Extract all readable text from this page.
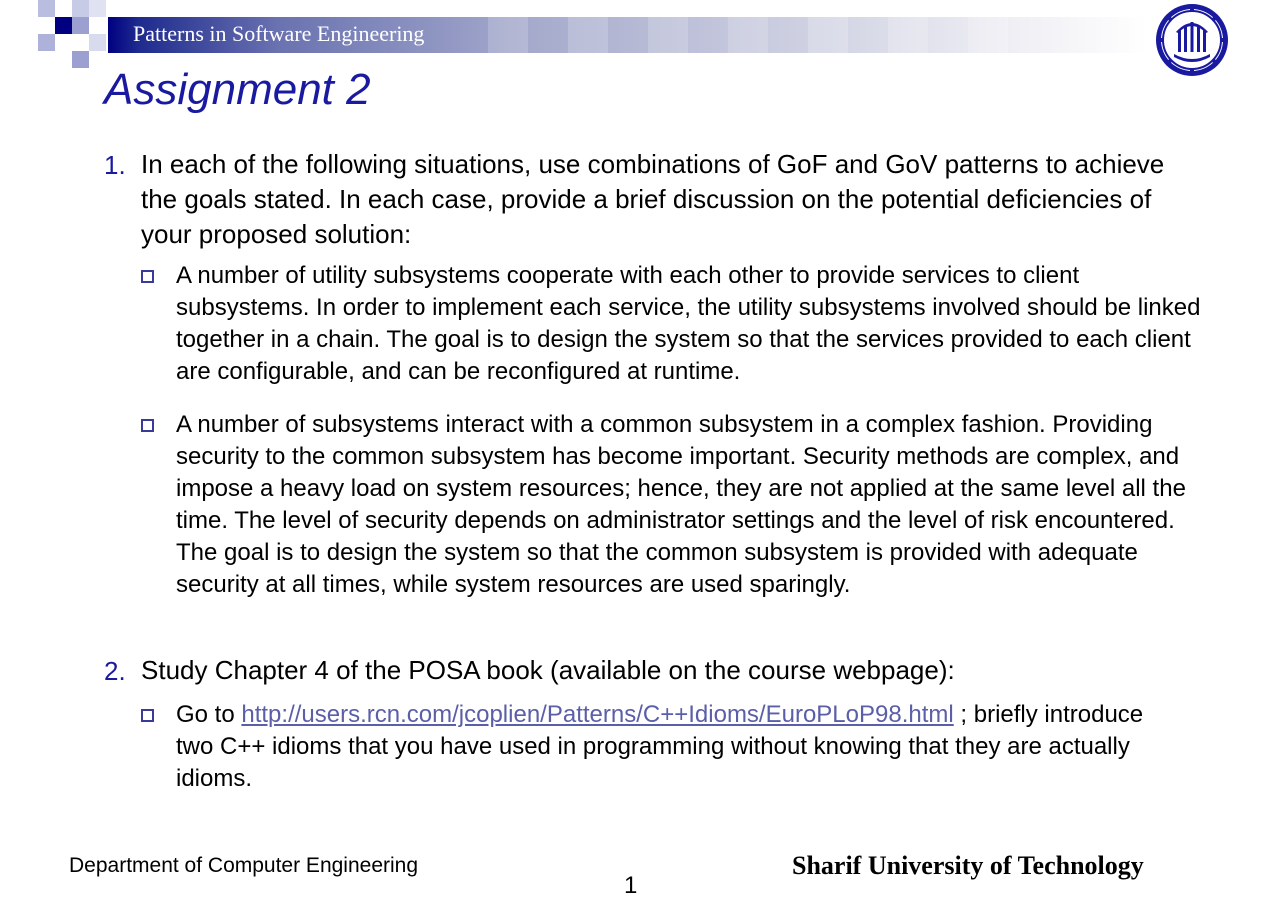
Patterns in Software Engineering
Assignment 2
1. In each of the following situations, use combinations of GoF and GoV patterns to achieve the goals stated. In each case, provide a brief discussion on the potential deficiencies of your proposed solution:
A number of utility subsystems cooperate with each other to provide services to client subsystems. In order to implement each service, the utility subsystems involved should be linked together in a chain. The goal is to design the system so that the services provided to each client are configurable, and can be reconfigured at runtime.
A number of subsystems interact with a common subsystem in a complex fashion. Providing security to the common subsystem has become important. Security methods are complex, and impose a heavy load on system resources; hence, they are not applied at the same level all the time. The level of security depends on administrator settings and the level of risk encountered. The goal is to design the system so that the common subsystem is provided with adequate security at all times, while system resources are used sparingly.
2. Study Chapter 4 of the POSA book (available on the course webpage):
Go to http://users.rcn.com/jcoplien/Patterns/C++Idioms/EuroPLoP98.html ; briefly introduce two C++ idioms that you have used in programming without knowing that they are actually idioms.
Department of Computer Engineering
1
Sharif University of Technology
